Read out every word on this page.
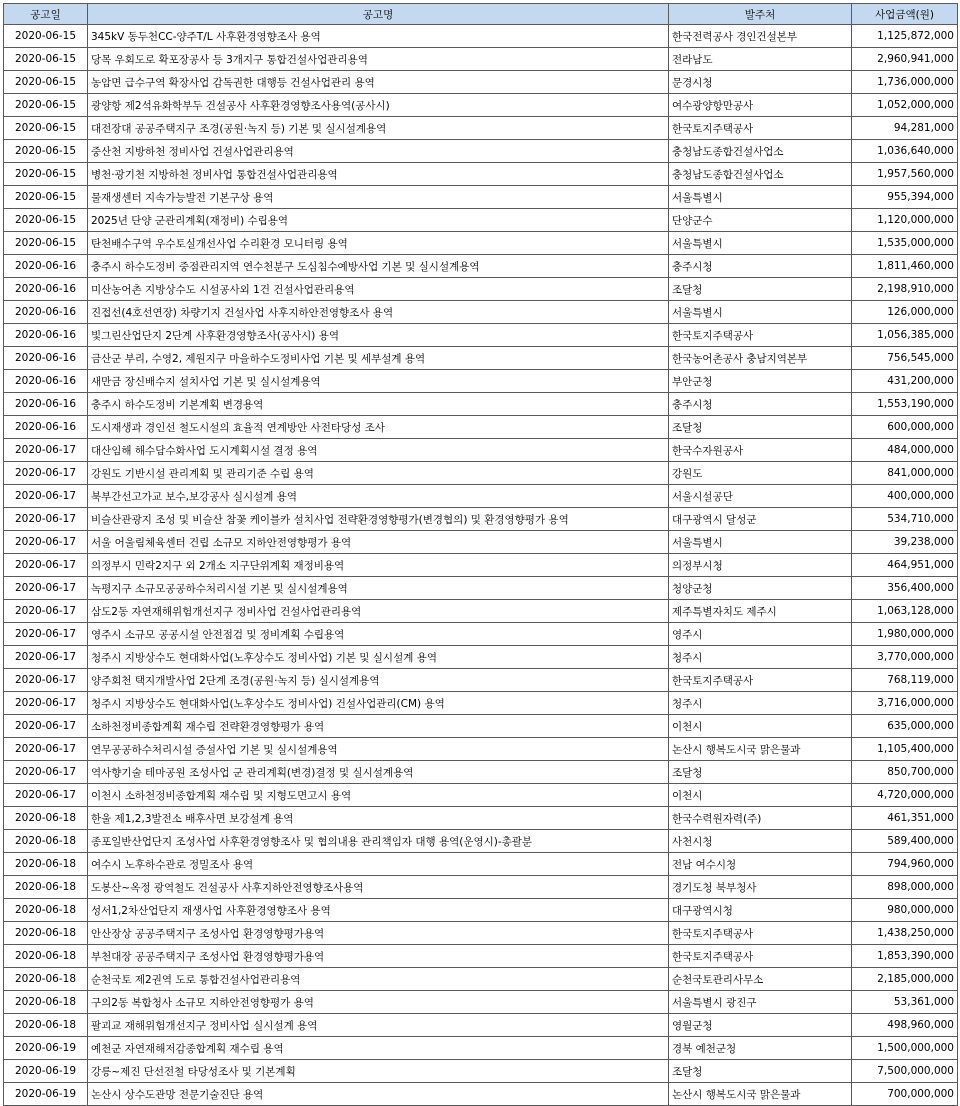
공고일	공고명	발주처	사업금액(원)
2020-06-15	345kV 동두천CC-양주T/L 사후환경영향조사 용역	한국전력공사 경인건설본부	1,125,872,000
2020-06-15	당목 우회도로 확포장공사 등 3개지구 통합건설사업관리용역	전라남도	2,960,941,000
2020-06-15	농암면 급수구역 확장사업 감독권한 대행등 건설사업관리 용역	문경시청	1,736,000,000
2020-06-15	광양항 제2석유화학부두 건설공사 사후환경영향조사용역(공사시)	여수광양항만공사	1,052,000,000
2020-06-15	대전장대 공공주택지구 조경(공원·녹지 등) 기본 및 실시설계용역	한국토지주택공사	94,281,000
2020-06-15	중산천 지방하천 정비사업 건설사업관리용역	충청남도종합건설사업소	1,036,640,000
2020-06-15	병천·광기천 지방하천 정비사업 통합건설사업관리용역	충청남도종합건설사업소	1,957,560,000
2020-06-15	물재생센터 지속가능발전 기본구상 용역	서울특별시	955,394,000
2020-06-15	2025년 단양 군관리계획(재정비) 수립용역	단양군수	1,120,000,000
2020-06-15	탄천배수구역 우수토실개선사업 수리환경 모니터링 용역	서울특별시	1,535,000,000
2020-06-16	충주시 하수도정비 중점관리지역 연수천분구 도심침수예방사업 기본 및 실시설계용역	충주시청	1,811,460,000
2020-06-16	미산농어촌 지방상수도 시설공사외 1건 건설사업관리용역	조달청	2,198,910,000
2020-06-16	진접선(4호선연장) 차량기지 건설사업 사후지하안전영향조사 용역	서울특별시	126,000,000
2020-06-16	빛그린산업단지 2단계 사후환경영향조사(공사시) 용역	한국토지주택공사	1,056,385,000
2020-06-16	금산군 부리, 수영2, 제원지구 마을하수도정비사업 기본 및 세부설계 용역	한국농어촌공사 충남지역본부	756,545,000
2020-06-16	새만금 장신배수지 설치사업 기본 및 실시설계용역	부안군청	431,200,000
2020-06-16	충주시 하수도정비 기본계획 변경용역	충주시청	1,553,190,000
2020-06-16	도시재생과 경인선 철도시설의 효율적 연계방안 사전타당성 조사	조달청	600,000,000
2020-06-17	대산임해 해수담수화사업 도시계획시설 결정 용역	한국수자원공사	484,000,000
2020-06-17	강원도 기반시설 관리계획 및 관리기준 수립 용역	강원도	841,000,000
2020-06-17	북부간선고가교 보수,보강공사 실시설계 용역	서울시설공단	400,000,000
2020-06-17	비슬산관광지 조성 및 비슬산 참꽃 케이블카 설치사업 전략환경영향평가(변경협의) 및 환경영향평가 용역	대구광역시 달성군	534,710,000
2020-06-17	서울 어울림체육센터 건립 소규모 지하안전영향평가 용역	서울특별시	39,238,000
2020-06-17	의정부시 민락2지구 외 2개소 지구단위계획 재정비용역	의정부시청	464,951,000
2020-06-17	녹평지구 소규모공공하수처리시설 기본 및 실시설계용역	청양군청	356,400,000
2020-06-17	삼도2동 자연재해위험개선지구 정비사업 건설사업관리용역	제주특별자치도 제주시	1,063,128,000
2020-06-17	영주시 소규모 공공시설 안전점검 및 정비계획 수립용역	영주시	1,980,000,000
2020-06-17	청주시 지방상수도 현대화사업(노후상수도 정비사업) 기본 및 실시설계 용역	청주시	3,770,000,000
2020-06-17	양주회천 택지개발사업 2단계 조경(공원·녹지 등) 실시설계용역	한국토지주택공사	768,119,000
2020-06-17	청주시 지방상수도 현대화사업(노후상수도 정비사업) 건설사업관리(CM) 용역	청주시	3,716,000,000
2020-06-17	소하천정비종합계획 재수립 전략환경영향평가 용역	이천시	635,000,000
2020-06-17	연무공공하수처리시설 증설사업 기본 및 실시설계용역	논산시 행복도시국 맑은물과	1,105,400,000
2020-06-17	역사향기술 테마공원 조성사업 군 관리계획(변경)결정 및 실시설계용역	조달청	850,700,000
2020-06-17	이천시 소하천정비종합계획 재수립 및 지형도면고시 용역	이천시	4,720,000,000
2020-06-18	한울 제1,2,3발전소 배후사면 보강설계 용역	한국수력원자력(주)	461,351,000
2020-06-18	종포일반산업단지 조성사업 사후환경영향조사 및 협의내용 관리책임자 대행 용역(운영시)-총괄분	사천시청	589,400,000
2020-06-18	여수시 노후하수관로 정밀조사 용역	전남 여수시청	794,960,000
2020-06-18	도봉산~옥정 광역철도 건설공사 사후지하안전영향조사용역	경기도청 북부청사	898,000,000
2020-06-18	성서1,2차산업단지 재생사업 사후환경영향조사 용역	대구광역시청	980,000,000
2020-06-18	안산장상 공공주택지구 조성사업 환경영향평가용역	한국토지주택공사	1,438,250,000
2020-06-18	부천대장 공공주택지구 조성사업 환경영향평가용역	한국토지주택공사	1,853,390,000
2020-06-18	순천국토 제2권역 도로 통합건설사업관리용역	순천국토관리사무소	2,185,000,000
2020-06-18	구의2동 복합청사 소규모 지하안전영향평가 용역	서울특별시 광진구	53,361,000
2020-06-18	팔괴교 재해위험개선지구 정비사업 실시설계 용역	영월군청	498,960,000
2020-06-19	예천군 자연재해저감종합계획 재수립 용역	경북 예천군청	1,500,000,000
2020-06-19	강릉~제진 단선전철 타당성조사 및 기본계획	조달청	7,500,000,000
2020-06-19	논산시 상수도관망 전문기술진단 용역	논산시 행복도시국 맑은물과	700,000,000
